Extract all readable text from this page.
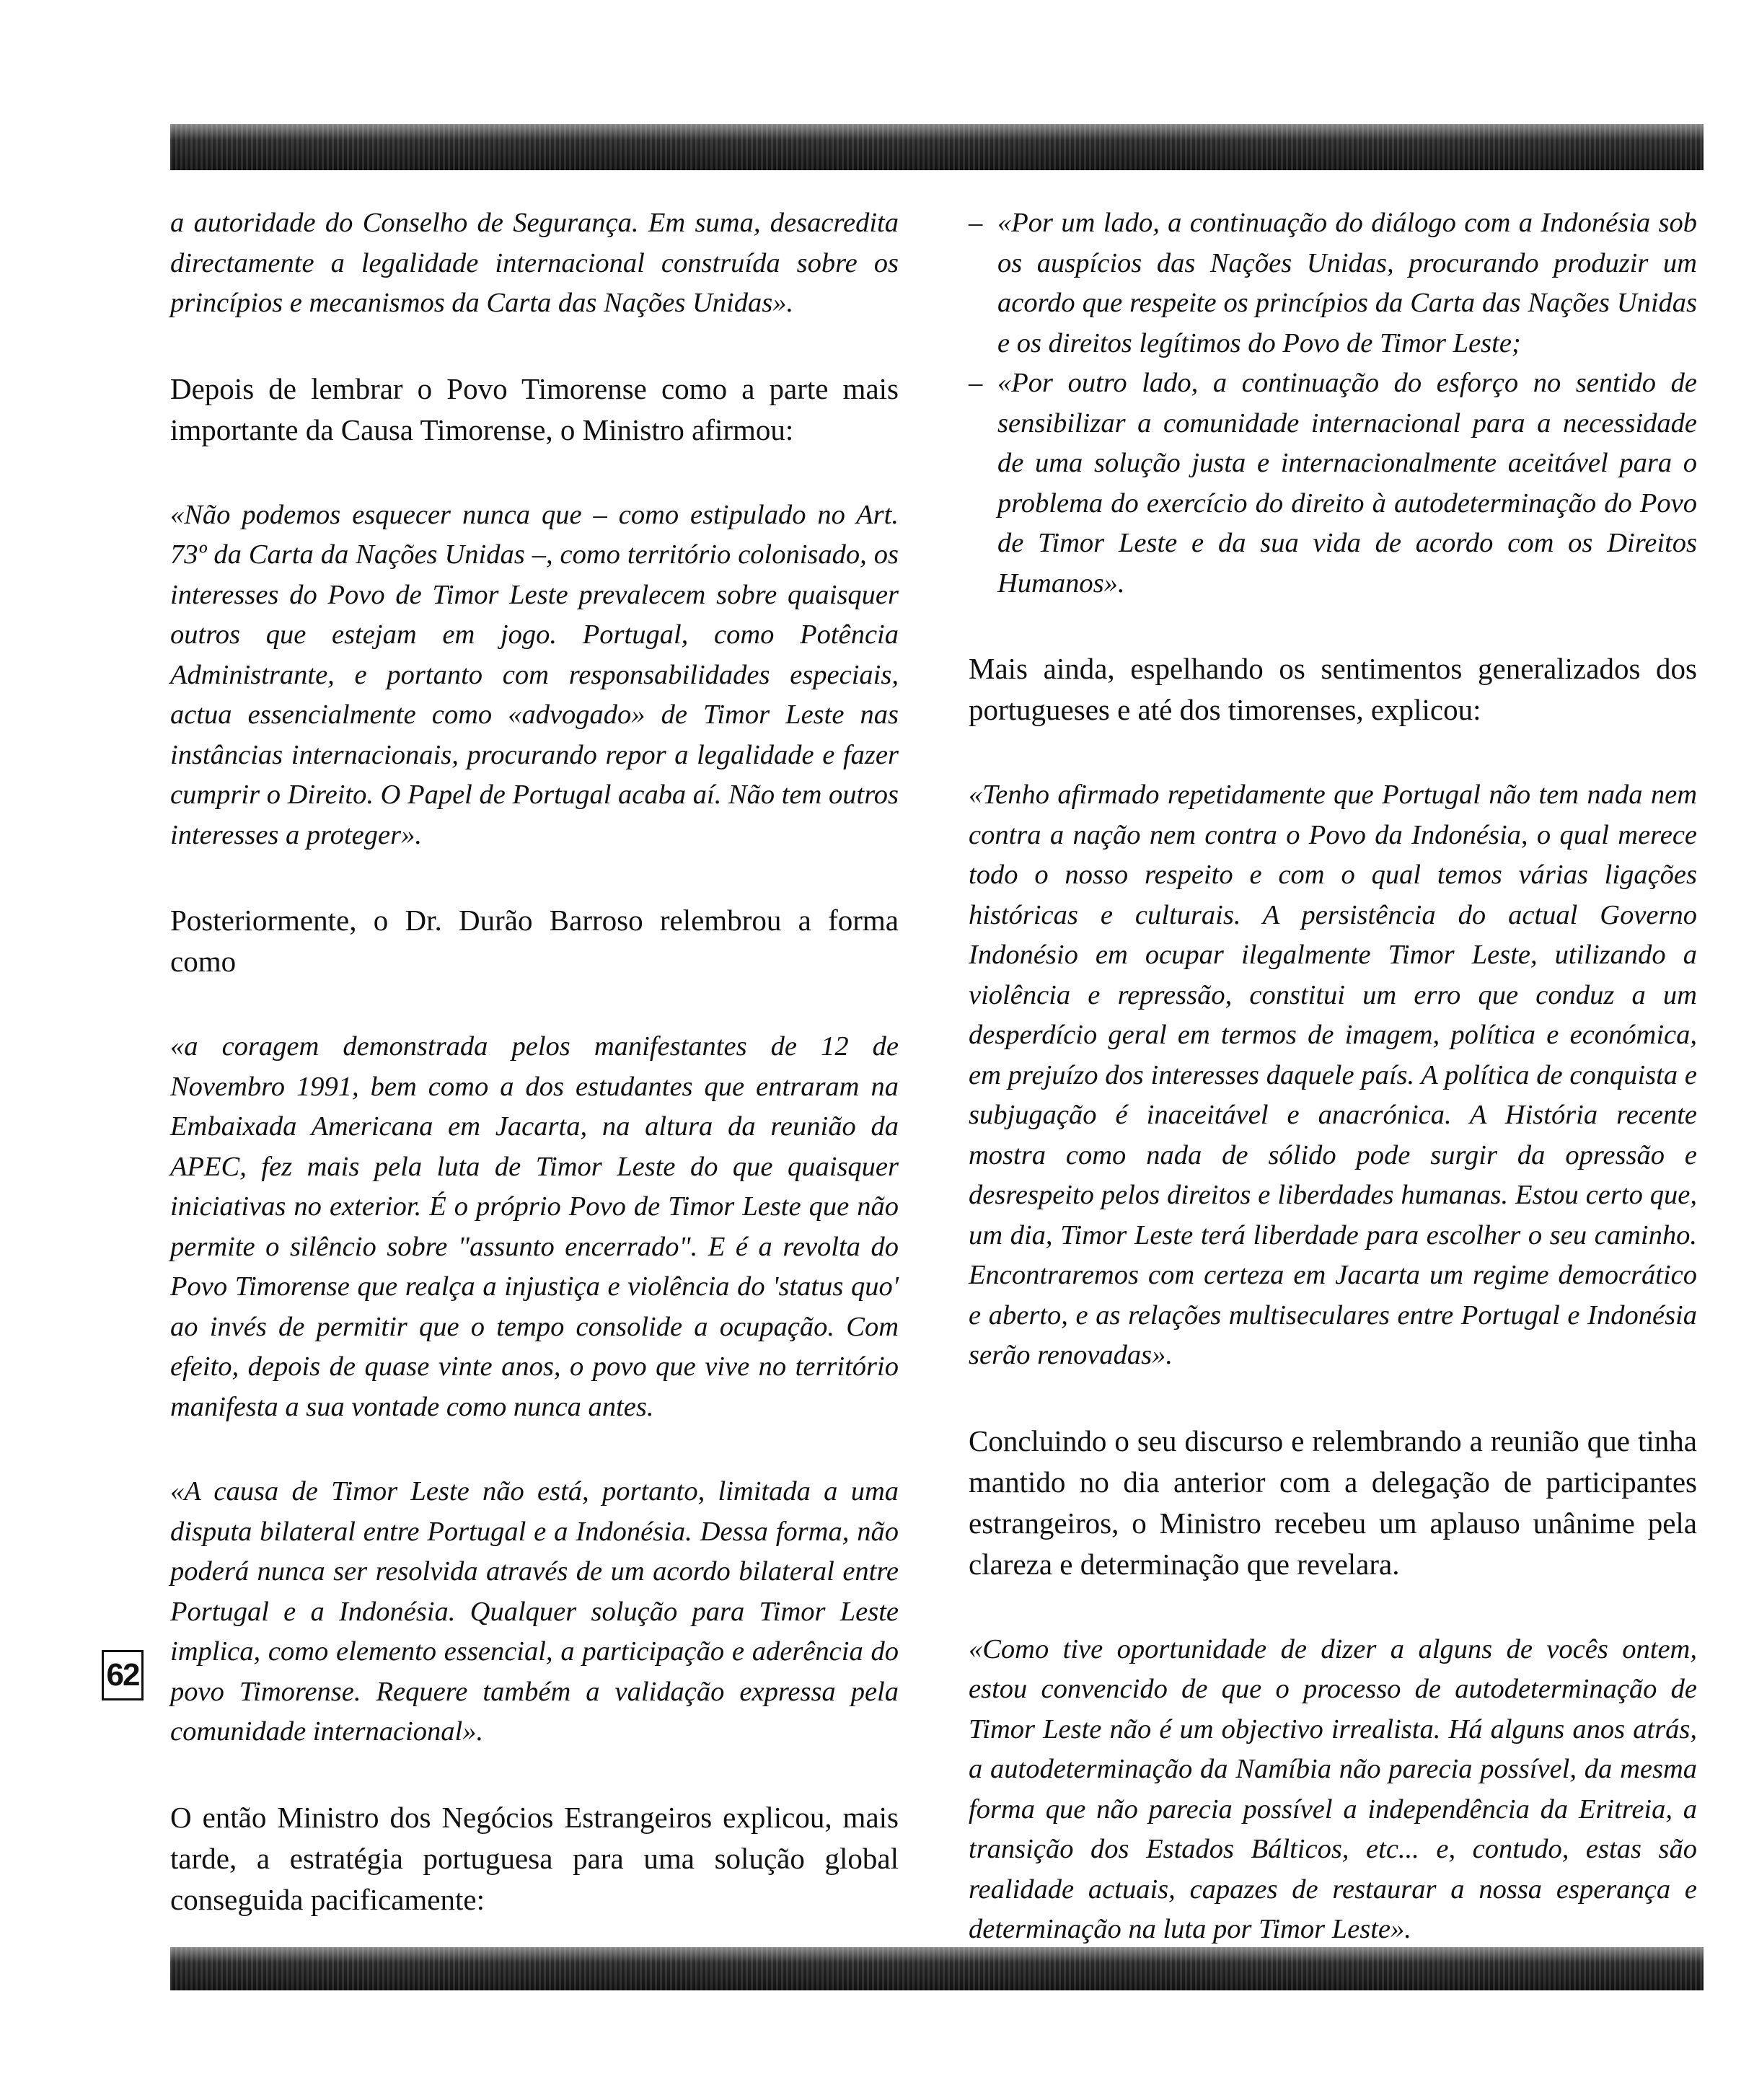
a autoridade do Conselho de Segurança. Em suma, desacredita directamente a legalidade internacional construída sobre os princípios e mecanismos da Carta das Nações Unidas».

Depois de lembrar o Povo Timorense como a parte mais importante da Causa Timorense, o Ministro afirmou:

«Não podemos esquecer nunca que – como estipulado no Art. 73º da Carta da Nações Unidas –, como território colonisado, os interesses do Povo de Timor Leste prevalecem sobre quaisquer outros que estejam em jogo. Portugal, como Potência Administrante, e portanto com responsabilidades especiais, actua essencialmente como «advogado» de Timor Leste nas instâncias internacionais, procurando repor a legalidade e fazer cumprir o Direito. O Papel de Portugal acaba aí. Não tem outros interesses a proteger».

Posteriormente, o Dr. Durão Barroso relembrou a forma como

«a coragem demonstrada pelos manifestantes de 12 de Novembro 1991, bem como a dos estudantes que entraram na Embaixada Americana em Jacarta, na altura da reunião da APEC, fez mais pela luta de Timor Leste do que quaisquer iniciativas no exterior. É o próprio Povo de Timor Leste que não permite o silêncio sobre "assunto encerrado". E é a revolta do Povo Timorense que realça a injustiça e violência do 'status quo' ao invés de permitir que o tempo consolide a ocupação. Com efeito, depois de quase vinte anos, o povo que vive no território manifesta a sua vontade como nunca antes.

«A causa de Timor Leste não está, portanto, limitada a uma disputa bilateral entre Portugal e a Indonésia. Dessa forma, não poderá nunca ser resolvida através de um acordo bilateral entre Portugal e a Indonésia. Qualquer solução para Timor Leste implica, como elemento essencial, a participação e aderência do povo Timorense. Requere também a validação expressa pela comunidade internacional».

O então Ministro dos Negócios Estrangeiros explicou, mais tarde, a estratégia portuguesa para uma solução global conseguida pacificamente:

– «Por um lado, a continuação do diálogo com a Indonésia sob os auspícios das Nações Unidas, procurando produzir um acordo que respeite os princípios da Carta das Nações Unidas e os direitos legítimos do Povo de Timor Leste;

– «Por outro lado, a continuação do esforço no sentido de sensibilizar a comunidade internacional para a necessidade de uma solução justa e internacionalmente aceitável para o problema do exercício do direito à autodeterminação do Povo de Timor Leste e da sua vida de acordo com os Direitos Humanos».

Mais ainda, espelhando os sentimentos generalizados dos portugueses e até dos timorenses, explicou:

«Tenho afirmado repetidamente que Portugal não tem nada nem contra a nação nem contra o Povo da Indonésia, o qual merece todo o nosso respeito e com o qual temos várias ligações históricas e culturais. A persistência do actual Governo Indonésio em ocupar ilegalmente Timor Leste, utilizando a violência e repressão, constitui um erro que conduz a um desperdício geral em termos de imagem, política e económica, em prejuízo dos interesses daquele país. A política de conquista e subjugação é inaceitável e anacrónica. A História recente mostra como nada de sólido pode surgir da opressão e desrespeito pelos direitos e liberdades humanas. Estou certo que, um dia, Timor Leste terá liberdade para escolher o seu caminho. Encontraremos com certeza em Jacarta um regime democrático e aberto, e as relações multiseculares entre Portugal e Indonésia serão renovadas».

Concluindo o seu discurso e relembrando a reunião que tinha mantido no dia anterior com a delegação de participantes estrangeiros, o Ministro recebeu um aplauso unânime pela clareza e determinação que revelara.

«Como tive oportunidade de dizer a alguns de vocês ontem, estou convencido de que o processo de autodeterminação de Timor Leste não é um objectivo irrealista. Há alguns anos atrás, a autodeterminação da Namíbia não parecia possível, da mesma forma que não parecia possível a independência da Eritreia, a transição dos Estados Bálticos, etc... e, contudo, estas são realidade actuais, capazes de restaurar a nossa esperança e determinação na luta por Timor Leste».

62
